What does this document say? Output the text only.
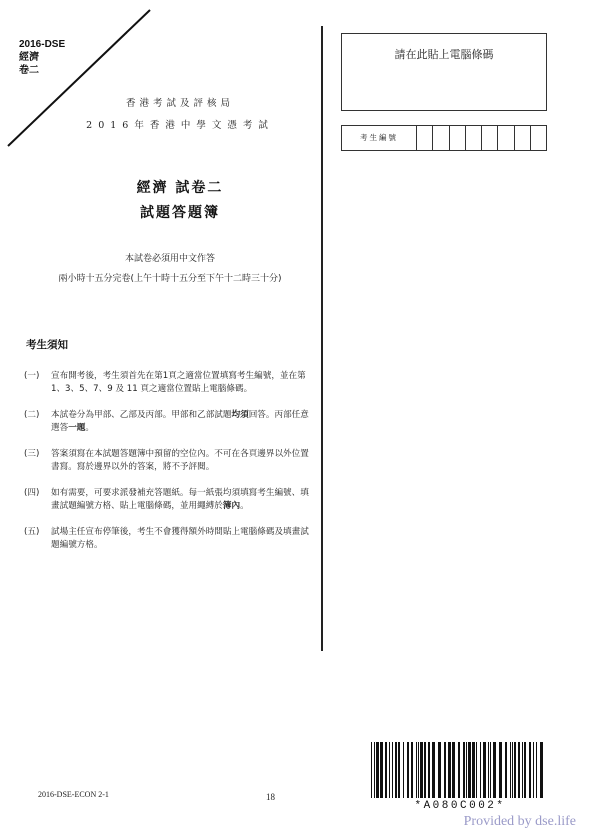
2016-DSE
經濟
卷二
香港考試及評核局
2016年香港中學文憑考試
經濟 試卷二
試題答題簿
本試卷必須用中文作答
兩小時十五分完卷(上午十時十五分至下午十二時三十分)
考生須知
(一)	宣布開考後，考生須首先在第1頁之適當位置填寫考生編號，並在第1、3、5、7、9 及 11 頁之適當位置貼上電腦條碼。
(二)	本試卷分為甲部、乙部及丙部。甲部和乙部試題均須回答。丙部任意選答一題。
(三)	答案須寫在本試題答題簿中預留的空位內。不可在各頁邊界以外位置書寫。寫於邊界以外的答案，將不予評閱。
(四)	如有需要，可要求派發補充答題紙。每一紙張均須填寫考生編號、填畫試題編號方格、貼上電腦條碼，並用繩縛於簿內。
(五)	試場主任宣布停筆後，考生不會獲得額外時間貼上電腦條碼及填畫試題編號方格。
請在此貼上電腦條碼
考生編號
*A080C002*
2016-DSE-ECON 2-1	18
Provided by dse.life
